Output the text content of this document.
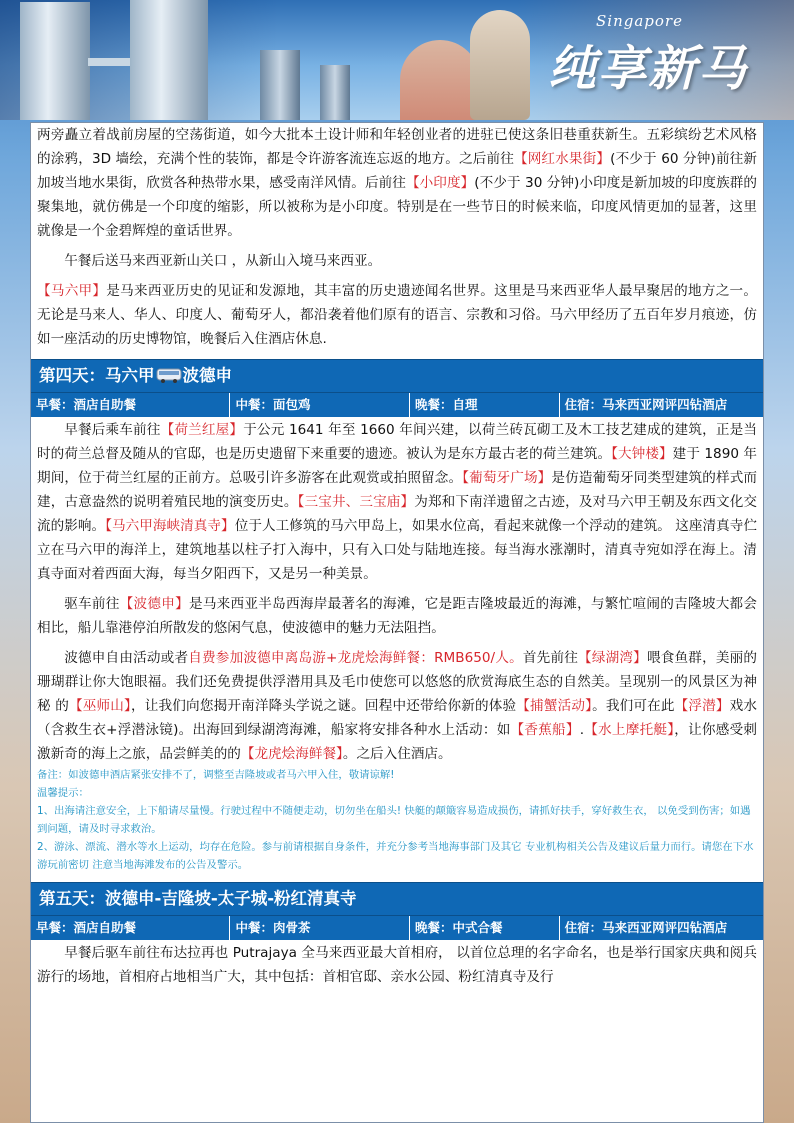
Singapore
纯享新马

两旁矗立着战前房屋的空荡街道，如今大批本土设计师和年轻创业者的进驻已使这条旧巷重获新生。五彩缤纷艺术风格的涂鸦，3D 墙绘，充满个性的装饰，都是令许游客流连忘返的地方。之后前往【网红水果街】(不少于 60 分钟)前往新加坡当地水果街，欣赏各种热带水果，感受南洋风情。后前往【小印度】(不少于 30 分钟)小印度是新加坡的印度族群的聚集地，就仿佛是一个印度的缩影，所以被称为是小印度。特别是在一些节日的时候来临，印度风情更加的显著，这里就像是一个金碧辉煌的童话世界。

午餐后送马来西亚新山关口 ，从新山入境马来西亚。

【马六甲】是马来西亚历史的见证和发源地，其丰富的历史遗迹闻名世界。这里是马来西亚华人最早聚居的地方之一。无论是马来人、华人、印度人、葡萄牙人，都沿袭着他们原有的语言、宗教和习俗。马六甲经历了五百年岁月痕迹，仿如一座活动的历史博物馆，晚餐后入住酒店休息.

第四天：马六甲 波德申
早餐：酒店自助餐	中餐：面包鸡	晚餐：自理	住宿：马来西亚网评四钻酒店

早餐后乘车前往【荷兰红屋】于公元 1641 年至 1660 年间兴建，以荷兰砖瓦砌工及木工技艺建成的建筑，正是当时的荷兰总督及随从的官邸，也是历史遗留下来重要的遗迹。被认为是东方最古老的荷兰建筑。【大钟楼】建于 1890 年期间，位于荷兰红屋的正前方。总吸引许多游客在此观赏或拍照留念。【葡萄牙广场】是仿造葡萄牙同类型建筑的样式而建，古意盎然的说明着殖民地的演变历史。【三宝井、三宝庙】为郑和下南洋遗留之古迹，及对马六甲王朝及东西文化交流的影响。【马六甲海峡清真寺】位于人工修筑的马六甲岛上，如果水位高，看起来就像一个浮动的建筑。 这座清真寺伫立在马六甲的海洋上，建筑地基以柱子打入海中，只有入口处与陆地连接。每当海水涨潮时，清真寺宛如浮在海上。清真寺面对着西面大海，每当夕阳西下，又是另一种美景。

驱车前往【波德申】是马来西亚半岛西海岸最著名的海滩，它是距吉隆坡最近的海滩，与繁忙喧闹的吉隆坡大都会相比，船儿靠港停泊所散发的悠闲气息，使波德申的魅力无法阻挡。

波德申自由活动或者自费参加波德申离岛游+龙虎烩海鲜餐：RMB650/人。首先前往【绿湖湾】喂食鱼群，美丽的珊瑚群让你大饱眼福。我们还免费提供浮潜用具及毛巾使您可以悠悠的欣赏海底生态的自然美。呈现别一的风景区为神秘 的【巫师山】，让我们向您揭开南洋降头学说之谜。回程中还带给你新的体验【捕蟹活动】。我们可在此【浮潜】戏水（含救生衣+浮潜泳镜)。出海回到绿湖湾海滩，船家将安排各种水上活动：如【香蕉船】.【水上摩托艇】，让你感受刺激新奇的海上之旅，品尝鲜美的的【龙虎烩海鲜餐】。之后入住酒店。

备注：如波德申酒店紧张安排不了，调整至吉隆坡或者马六甲入住，敬请谅解!

温馨提示：

1、出海请注意安全，上下船请尽量慢。行驶过程中不随便走动，切勿坐在船头! 快艇的颠簸容易造成损伤，请抓好扶手，穿好救生衣， 以免受到伤害；如遇到问题，请及时寻求救治。

2、游泳、漂流、潜水等水上运动，均存在危险。参与前请根据自身条件，并充分参考当地海事部门及其它 专业机构相关公告及建议后量力而行。请您在下水游玩前密切 注意当地海滩发布的公告及警示。

第五天：波德申-吉隆坡-太子城-粉红清真寺
早餐：酒店自助餐	中餐：肉骨茶	晚餐：中式合餐	住宿：马来西亚网评四钻酒店

早餐后驱车前往布达拉再也 Putrajaya 全马来西亚最大首相府， 以首位总理的名字命名，也是举行国家庆典和阅兵游行的场地，首相府占地相当广大，其中包括：首相官邸、亲水公园、粉红清真寺及行
